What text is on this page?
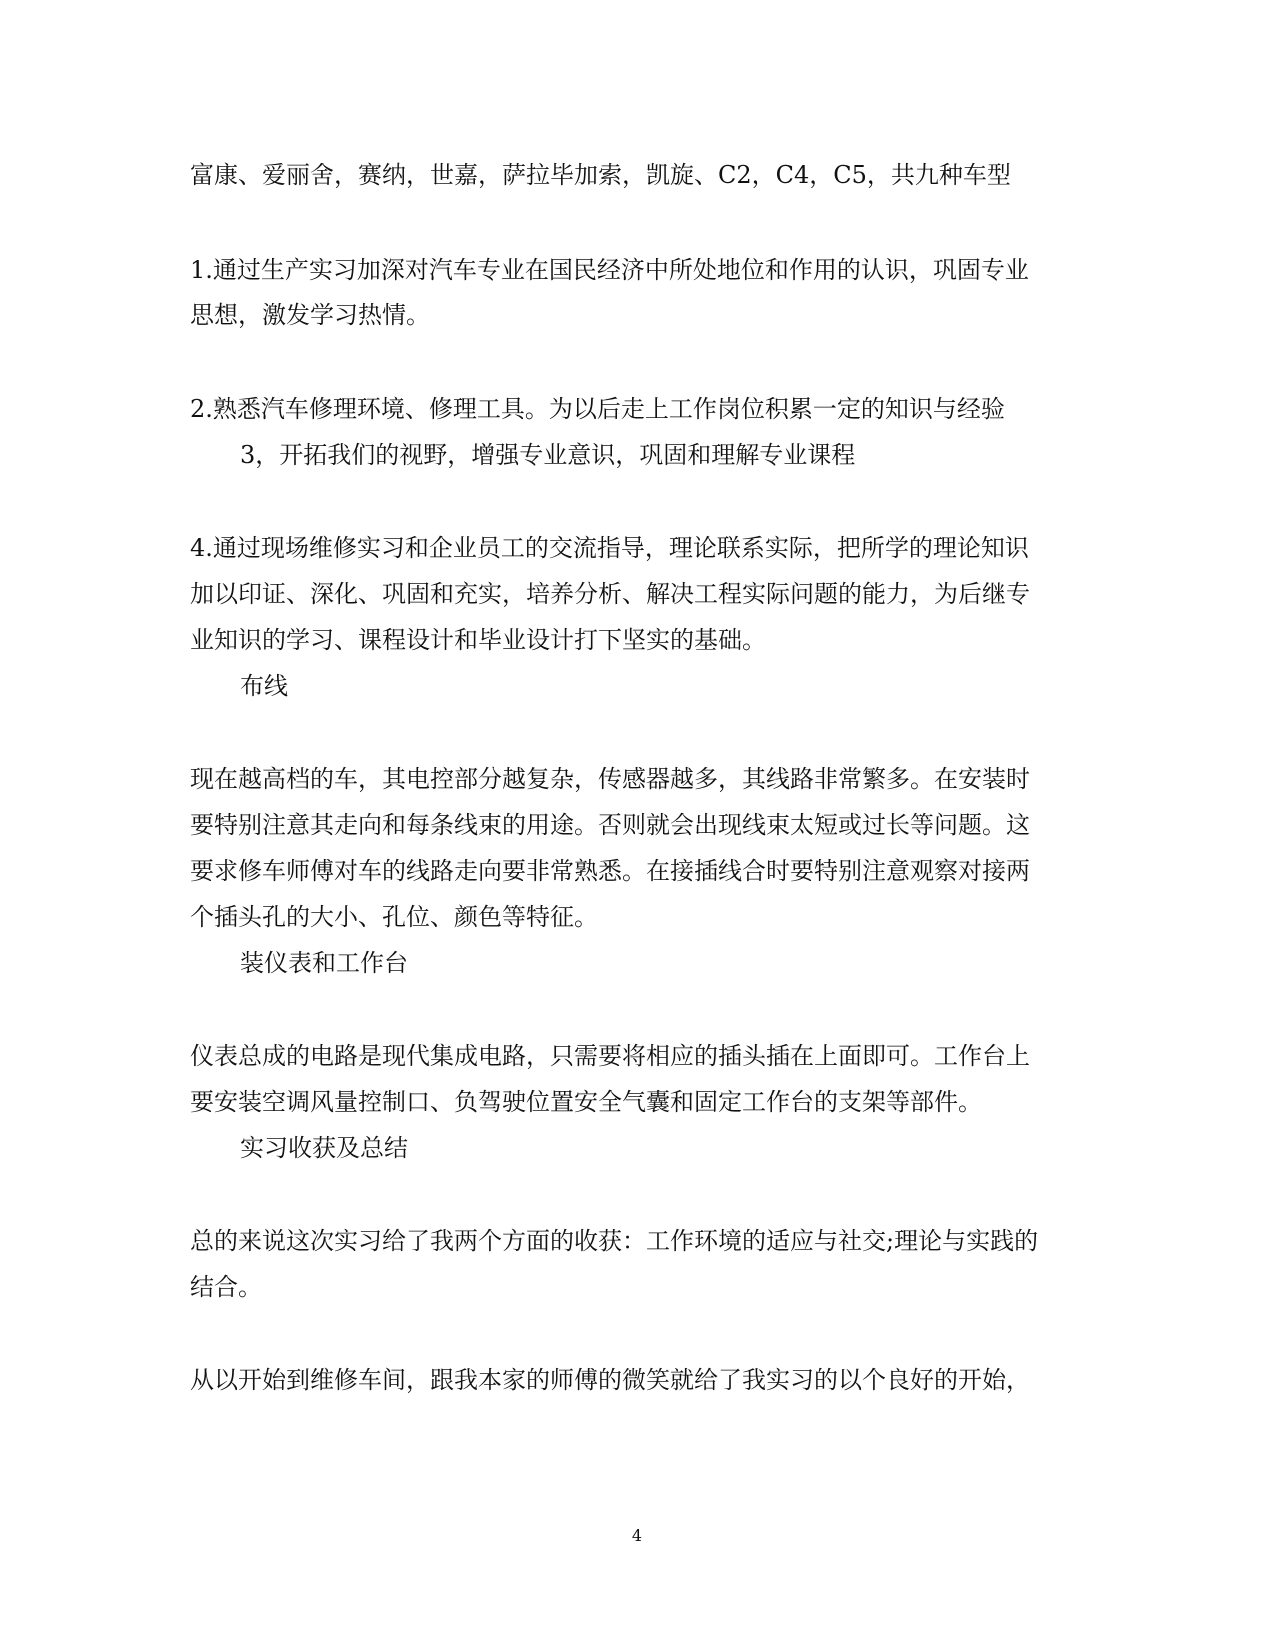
富康、爱丽舍，赛纳，世嘉，萨拉毕加索，凯旋、C2，C4，C5，共九种车型

1.通过生产实习加深对汽车专业在国民经济中所处地位和作用的认识，巩固专业

思想，激发学习热情。

2.熟悉汽车修理环境、修理工具。为以后走上工作岗位积累一定的知识与经验

3，开拓我们的视野，增强专业意识，巩固和理解专业课程

4.通过现场维修实习和企业员工的交流指导，理论联系实际，把所学的理论知识

加以印证、深化、巩固和充实，培养分析、解决工程实际问题的能力，为后继专

业知识的学习、课程设计和毕业设计打下坚实的基础。

布线

现在越高档的车，其电控部分越复杂，传感器越多，其线路非常繁多。在安装时

要特别注意其走向和每条线束的用途。否则就会出现线束太短或过长等问题。这

要求修车师傅对车的线路走向要非常熟悉。在接插线合时要特别注意观察对接两

个插头孔的大小、孔位、颜色等特征。

装仪表和工作台

仪表总成的电路是现代集成电路，只需要将相应的插头插在上面即可。工作台上

要安装空调风量控制口、负驾驶位置安全气囊和固定工作台的支架等部件。

实习收获及总结

总的来说这次实习给了我两个方面的收获：工作环境的适应与社交;理论与实践的

结合。

从以开始到维修车间，跟我本家的师傅的微笑就给了我实习的以个良好的开始，

4
